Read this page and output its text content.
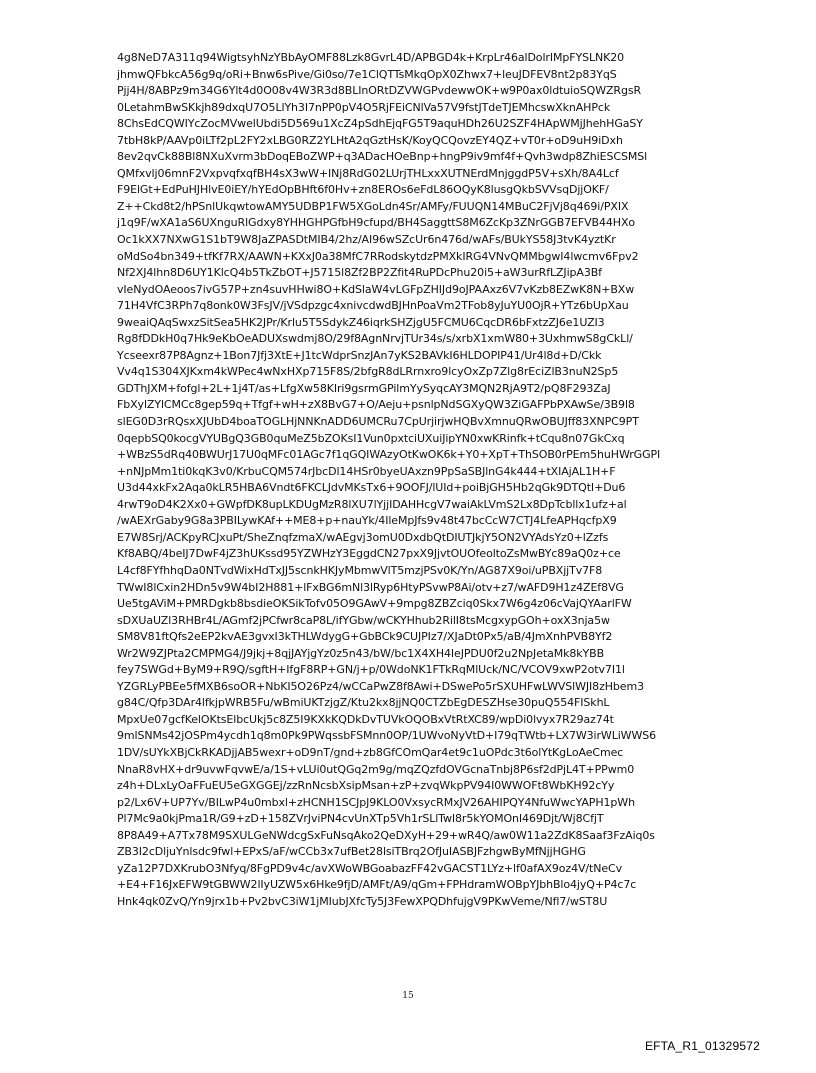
4g8NeD7A311q94WigtsyhNzYBbAyOMF88Lzk8GvrL4D/APBGD4k+KrpLr46alDolrIMpFYSLNK20
jhmwQFbkcA56g9q/oRi+Bnw6sPive/Gi0so/7e1ClQTTsMkqOpX0Zhwx7+leuJDFEV8nt2p83YqS
Pjj4H/8ABPz9m34G6Ylt4d0O08v4W3R3d8BLInORtDZVWGPvdewwOK+w9P0ax0ldtuioSQWZRgsR
0LetahmBwSKkjh89dxqU7O5LlYh3I7nPP0pV4O5RjFEiCNlVa57V9fstJTdeTJEMhcswXknAHPck
8ChsEdCQWIYcZocMVwelUbdi5D569u1XcZ4pSdhEjqFG5T9aquHDh26U2SZF4HApWMjJhehHGaSY
7tbH8kP/AAVp0iLTf2pL2FY2xLBG0RZ2YLHtA2qGztHsK/KoyQCQovzEY4QZ+vT0r+oD9uH9iDxh
8ev2qvCk88Bl8NXuXvrm3bDoqEBoZWP+q3ADacHOeBnp+hngP9iv9mf4f+Qvh3wdp8ZhiESCSMSl
QMfxvlj06mnF2VxpvqfxqfBH4sX3wW+INj8RdG02LUrjTHLxxXUTNErdMnjggdP5V+sXh/8A4Lcf
F9ElGt+EdPuHJHlvE0iEY/hYEdOpBHft6f0Hv+zn8EROs6eFdL86OQyK8lusgQkbSVVsqDjjOKF/
Z++Ckd8t2/hPSnlUkqwtowAMY5UDBP1FW5XGoLdn4Sr/AMFy/FUUQN14MBuC2FjVj8q469i/PXIX
j1q9F/wXA1aS6UXnguRlGdxy8YHHGHPGfbH9cfupd/BH4SaggttS8M6ZcKp3ZNrGGB7EFVB44HXo
Oc1kXX7NXwG1S1bT9W8JaZPASDtMIB4/2hz/AI96wSZcUr6n476d/wAFs/BUkYS58J3tvK4yztKr
oMdSo4bn349+tfKf7RX/AAWN+KXxJ0a38MfC7RRodskytdzPMXkIRG4VNvQMMbgwI4lwcmv6Fpv2
Nf2XJ4lhn8D6UY1KlcQ4b5TkZbOT+J5715l8Zf2BP2Zfit4RuPDcPhu20i5+aW3urRfLZJipA3Bf
vIeNydOAeoos7ivG57P+zn4suvHHwi8O+KdSlaW4vLGFpZHIJd9oJPAAxz6V7vKzb8EZwK8N+BXw
71H4VfC3RPh7q8onk0W3FsJV/jVSdpzgc4xnivcdwdBJHnPoaVm2TFob8yJuYU0OjR+YTz6bUpXau
9weaiQAqSwxzSitSea5HK2JPr/Krlu5T5SdykZ46iqrkSHZjgU5FCMU6CqcDR6bFxtzZJ6e1UZI3
Rg8fDDkH0q7Hk9eKbOeADUXswdmj8O/29f8AgnNrvjTUr34s/s/xrbX1xmW80+3UxhmwS8gCkLl/
Ycseexr87P8Agnz+1Bon7Jfj3XtE+J1tcWdprSnzJAn7yKS2BAVkI6HLDOPIP41/Ur4l8d+D/Ckk
Vv4q1S304XJKxm4kWPec4wNxHXp715F8S/2bfgR8dLRrnxro9lcyOxZp7Zlg8rEciZlB3nuN2Sp5
GDThJXM+fofgl+2L+1j4T/as+LfgXw58KIri9gsrmGPilmYySyqcAY3MQN2RjA9T2/pQ8F293ZaJ
FbXylZYlCMCc8gep59q+Tfgf+wH+zX8BvG7+O/Aeju+psnlpNdSGXyQW3ZiGAFPbPXAwSe/3B9l8
slEG0D3rRQsxXJUbD4boaTOGLHjNNKnADD6UMCRu7CpUrjirjwHQBvXmnuQRwOBUJff83XNPC9PT
0qepbSQ0kocgVYUBgQ3GB0quMeZ5bZOKsI1Vun0pxtciUXuiJipYN0xwKRinfk+tCqu8n07GkCxq
+WBzS5dRq40BWUrJ17U0qMFc01AGc7f1qGQIWAzyOtKwOK6k+Y0+XpT+ThSOB0rPEm5huHWrGGPI
+nNJpMm1ti0kqK3v0/KrbuCQM574rJbcDl14HSr0byeUAxzn9PpSaSBJlnG4k444+tXIAjAL1H+F
U3d44xkFx2Aqa0kLR5HBA6Vndt6FKCLJdvMKsTx6+9OOFJ/lUId+poiBjGH5Hb2qGk9DTQtI+Du6
4rwT9oD4K2Xx0+GWpfDK8upLKDUgMzR8lXU7lYjjIDAHHcgV7waiAkLVmS2Lx8DpTcbllx1ufz+al
/wAEXrGaby9G8a3PBILywKAf++ME8+p+nauYk/4IleMpJfs9v48t47bcCcW7CTJ4LfeAPHqcfpX9
E7W8Srj/ACKpyRCJxuPt/SheZnqfzmaX/wAEgvj3omU0DxdbQtDIUTJkjY5ON2VYAdsYz0+lZzfs
Kf8ABQ/4beIJ7DwF4jZ3hUKssd95YZWHzY3EggdCN27pxX9JjvtOUOfeoltoZsMwBYc89aQ0z+ce
L4cf8FYfhhqDa0NTvdWixHdTxJJ5scnkHKJyMbmwVlT5mzjPSv0K/Yn/AG87X9oi/uPBXjjTv7F8
TWwI8lCxin2HDn5v9W4bI2H881+lFxBG6mNl3lRyp6HtyPSvwP8Ai/otv+z7/wAFD9H1z4ZEf8VG
Ue5tgAViM+PMRDgkb8bsdieOKSikTofv05O9GAwV+9mpg8ZBZciq0Skx7W6g4z06cVajQYAarlFW
sDXUaUZl3RHBr4L/AGmf2jPCfwr8caP8L/ifYGbw/wCKYHhub2RilI8tsMcgxypGOh+oxX3nja5w
SM8V81ftQfs2eEP2kvAE3gvxI3kTHLWdygG+GbBCk9CUJPIz7/XJaDt0Px5/aB/4JmXnhPVB8Yf2
Wr2W9ZJPta2CMPMG4/J9jkj+8qjJAYjgYz0z5n43/bW/bc1X4XH4IeJPDU0f2u2NpJetaMk8kYBB
fey7SWGd+ByM9+R9Q/sgftH+IfgF8RP+GN/j+p/0WdoNK1FTkRqMlUck/NC/VCOV9xwP2otv7I1l
YZGRLyPBEe5fMXB6soOR+NbKI5O26Pz4/wCCaPwZ8f8Awi+DSwePo5rSXUHFwLWVSlWJI8zHbem3
g84C/Qfp3DAr4lfkjpWRB5Fu/wBmiUKTzjgZ/Ktu2kx8jjNQ0CTZbEgDESZHse30puQ554FISkhL
MpxUe07gcfKelOKtsElbcUkj5c8Z5I9KXkKQDkDvTUVkOQOBxVtRtXC89/wpDi0lvyx7R29az74t
9mlSNMs42jOSPm4ycdh1q8m0Pk9PWqssbFSMnn0OP/1UWvoNyVtD+I79qTWtb+LX7W3irWLiWWS6
1DV/sUYkXBjCkRKADjjAB5wexr+oD9nT/gnd+zb8GfCOmQar4et9c1uOPdc3t6olYtKgLoAeCmec
NnaR8vHX+dr9uvwFqvwE/a/1S+vLUi0utQGq2m9g/mqZQzfdOVGcnaTnbj8P6sf2dPjL4T+PPwm0
z4h+DLxLyOaFFuEU5eGXGGEj/zzRnNcsbXsipMsan+zP+zvqWkpPV94I0WWOFt8WbKH92cYy
p2/Lx6V+UP7Yv/BILwP4u0mbxl+zHCNH1SCJpJ9KLO0VxsycRMxJV26AHIPQY4NfuWwcYAPH1pWh
Pl7Mc9a0kjPma1R/G9+zD+158ZVrJviPN4cvUnXTp5Vh1rSLlTwI8r5kYOMOnI469Djt/Wj8CfjT
8P8A49+A7Tx78M9SXULGeNWdcgSxFuNsqAko2QeDXyH+29+wR4Q/aw0W11a2ZdK8Saaf3FzAiq0s
ZB3I2cDljuYnlsdc9fwl+EPxS/aF/wCCb3x7ufBet28lsiTBrq2OfJuIASBJFzhgwByMfNjjHGHG
yZa12P7DXKrubO3Nfyq/8FgPD9v4c/avXWoWBGoabazFF42vGACST1LYz+lf0afAX9oz4V/tNeCv
+E4+F16JxEFW9tGBWW2lIyUZW5x6Hke9fjD/AMFt/A9/qGm+FPHdramWOBpYJbhBlo4jyQ+P4c7c
Hnk4qk0ZvQ/Yn9jrx1b+Pv2bvC3iW1jMIubJXfcTy5J3FewXPQDhfujgV9PKwVeme/Nfl7/wST8U
15
EFTA_R1_01329572
